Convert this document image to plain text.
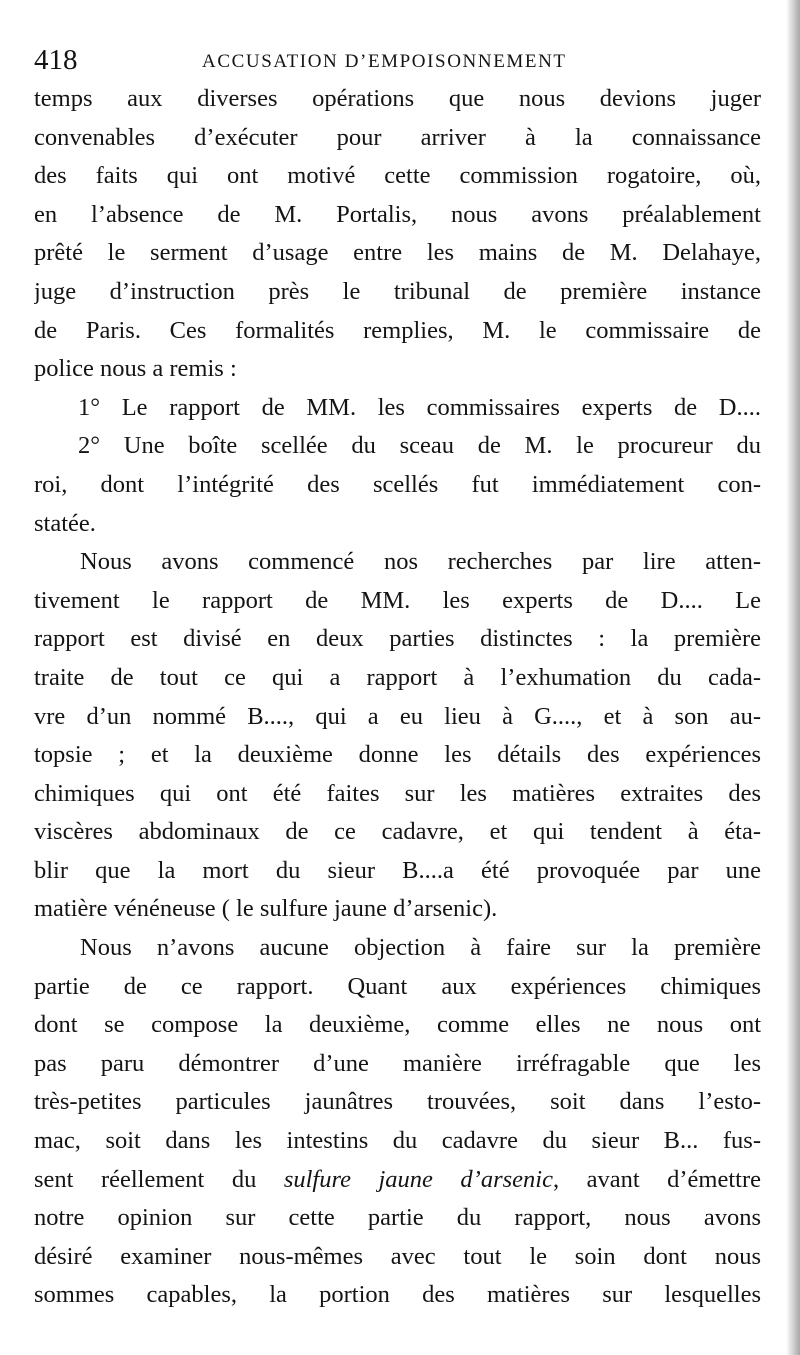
418	ACCUSATION D’EMPOISONNEMENT
temps aux diverses opérations que nous devions juger
convenables d’exécuter pour arriver à la connaissance
des faits qui ont motivé cette commission rogatoire, où,
en l’absence de M. Portalis, nous avons préalablement
prêté le serment d’usage entre les mains de M. Delahaye,
juge d’instruction près le tribunal de première instance
de Paris. Ces formalités remplies, M. le commissaire de
police nous a remis :
1° Le rapport de MM. les commissaires experts de D....
2° Une boîte scellée du sceau de M. le procureur du
roi, dont l’intégrité des scellés fut immédiatement con-
statée.
Nous avons commencé nos recherches par lire atten-
tivement le rapport de MM. les experts de D.... Le
rapport est divisé en deux parties distinctes : la première
traite de tout ce qui a rapport à l’exhumation du cada-
vre d’un nommé B...., qui a eu lieu à G...., et à son au-
topsie ; et la deuxième donne les détails des expériences
chimiques qui ont été faites sur les matières extraites des
viscères abdominaux de ce cadavre, et qui tendent à éta-
blir que la mort du sieur B....a été provoquée par une
matière vénéneuse ( le sulfure jaune d’arsenic).
Nous n’avons aucune objection à faire sur la première
partie de ce rapport. Quant aux expériences chimiques
dont se compose la deuxième, comme elles ne nous ont
pas paru démontrer d’une manière irréfragable que les
très-petites particules jaunâtres trouvées, soit dans l’esto-
mac, soit dans les intestins du cadavre du sieur B... fus-
sent réellement du sulfure jaune d’arsenic, avant d’émettre
notre opinion sur cette partie du rapport, nous avons
désiré examiner nous-mêmes avec tout le soin dont nous
sommes capables, la portion des matières sur lesquelles
